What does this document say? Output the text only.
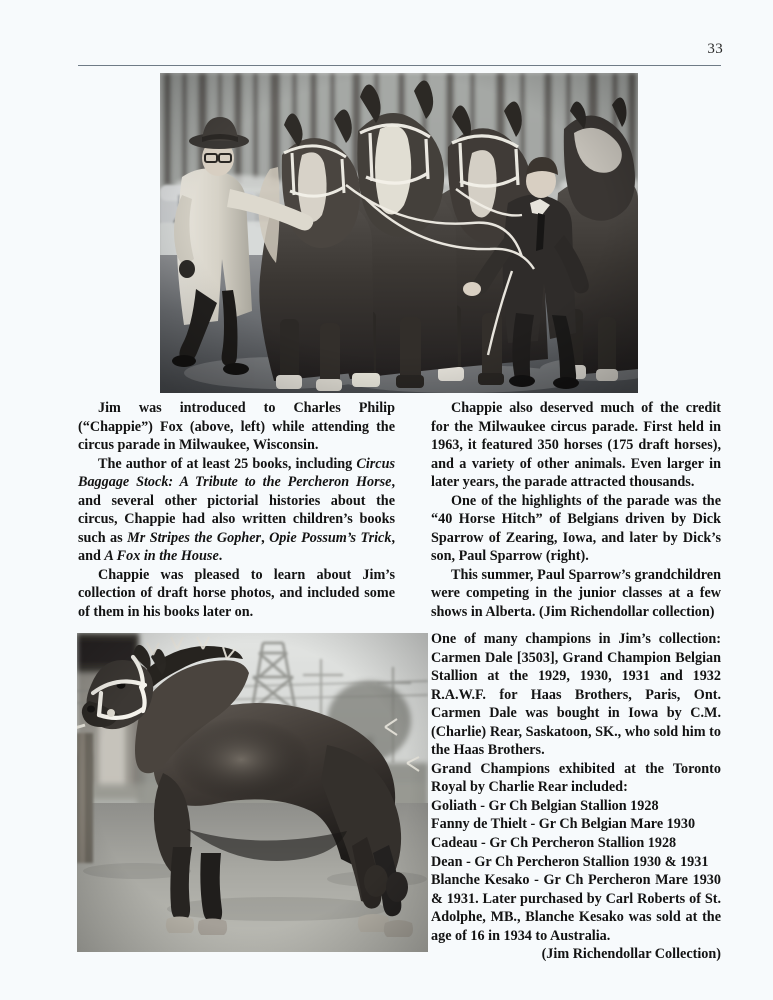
33

Jim was introduced to Charles Philip (“Chappie”) Fox (above, left) while attending the circus parade in Milwaukee, Wisconsin.

The author of at least 25 books, including Circus Baggage Stock: A Tribute to the Percheron Horse, and several other pictorial histories about the circus, Chappie had also written children’s books such as Mr Stripes the Gopher, Opie Possum’s Trick, and A Fox in the House.

Chappie was pleased to learn about Jim’s collection of draft horse photos, and included some of them in his books later on.

Chappie also deserved much of the credit for the Milwaukee circus parade. First held in 1963, it featured 350 horses (175 draft horses), and a variety of other animals. Even larger in later years, the parade attracted thousands.

One of the highlights of the parade was the “40 Horse Hitch” of Belgians driven by Dick Sparrow of Zearing, Iowa, and later by Dick’s son, Paul Sparrow (right).

This summer, Paul Sparrow’s grandchildren were competing in the junior classes at a few shows in Alberta. (Jim Richendollar collection)

One of many champions in Jim’s collection: Carmen Dale [3503], Grand Champion Belgian Stallion at the 1929, 1930, 1931 and 1932 R.A.W.F. for Haas Brothers, Paris, Ont. Carmen Dale was bought in Iowa by C.M. (Charlie) Rear, Saskatoon, SK., who sold him to the Haas Brothers.

Grand Champions exhibited at the Toronto Royal by Charlie Rear included:

Goliath - Gr Ch Belgian Stallion 1928

Fanny de Thielt - Gr Ch Belgian Mare 1930

Cadeau - Gr Ch Percheron Stallion 1928

Dean - Gr Ch Percheron Stallion 1930 & 1931

Blanche Kesako - Gr Ch Percheron Mare 1930 & 1931. Later purchased by Carl Roberts of St. Adolphe, MB., Blanche Kesako was sold at the age of 16 in 1934 to Australia.

(Jim Richendollar Collection)
